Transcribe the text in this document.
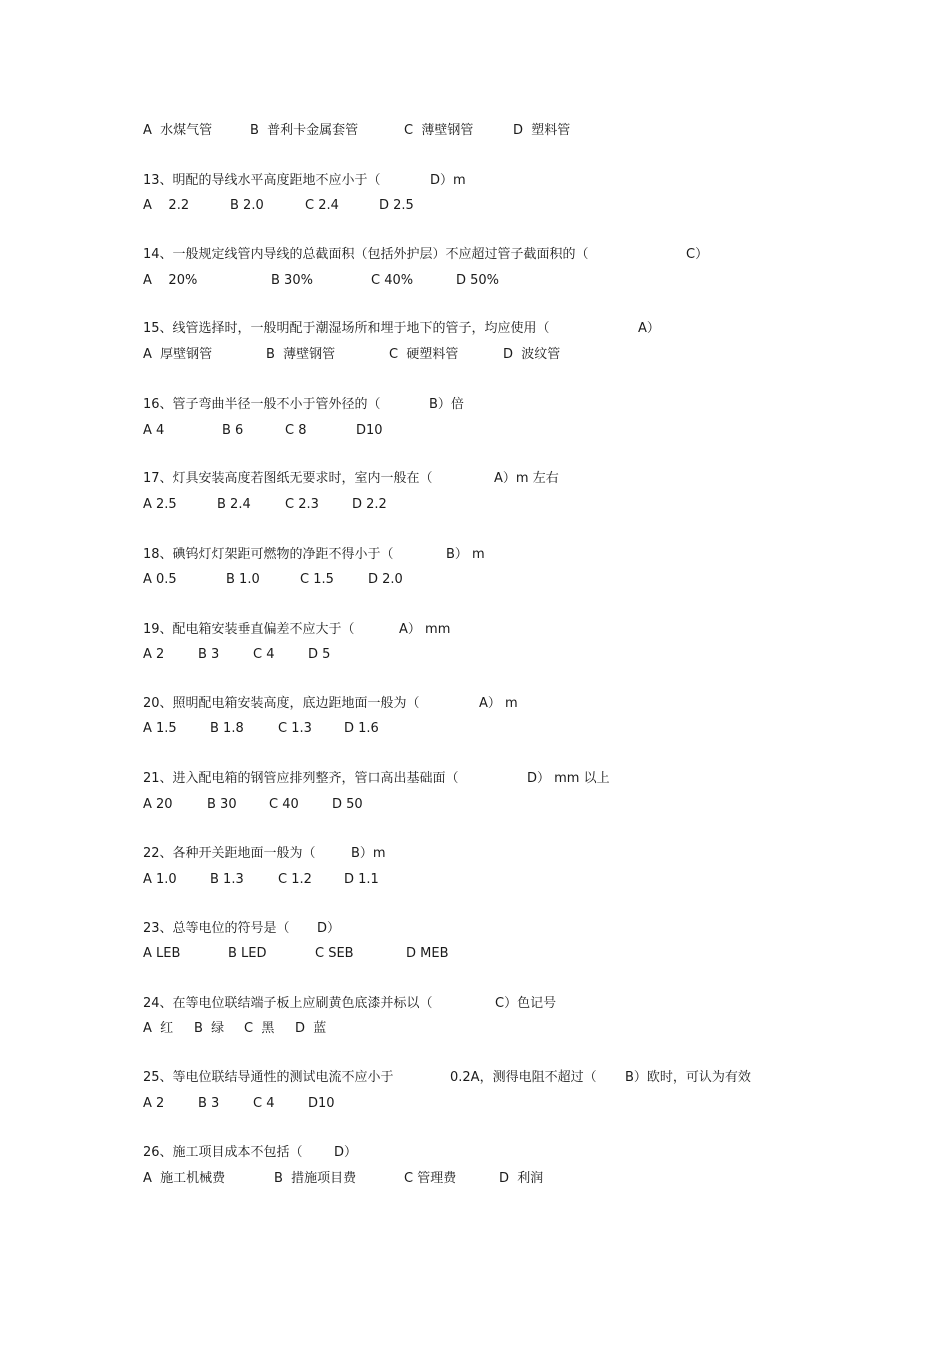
A  水煤气管	B  普利卡金属套管	C  薄壁钢管	D  塑料管
13、明配的导线水平高度距地不应小于（	D）m
A    2.2	B 2.0	C 2.4	D 2.5
14、一般规定线管内导线的总截面积（包括外护层）不应超过管子截面积的（	C）
A    20%	B 30%	C 40%	D 50%
15、线管选择时，一般明配于潮湿场所和埋于地下的管子，均应使用（	A）
A  厚壁钢管	B  薄壁钢管	C  硬塑料管	D  波纹管
16、管子弯曲半径一般不小于管外径的（	B）倍
A 4	B 6	C 8	D10
17、灯具安装高度若图纸无要求时，室内一般在（	A）m 左右
A 2.5	B 2.4	C 2.3	D 2.2
18、碘钨灯灯架距可燃物的净距不得小于（	B） m
A 0.5	B 1.0	C 1.5	D 2.0
19、配电箱安装垂直偏差不应大于（	A） mm
A 2	B 3	C 4	D 5
20、照明配电箱安装高度，底边距地面一般为（	A） m
A 1.5	B 1.8	C 1.3 D 1.6
21、进入配电箱的钢管应排列整齐，管口高出基础面（	D） mm 以上
A 20	B 30 C 40	D 50
22、各种开关距地面一般为（	B）m
A 1.0	B 1.3	C 1.2 D 1.1
23、总等电位的符号是（ D）
A LEB	B LED	C SEB	D MEB
24、在等电位联结端子板上应刷黄色底漆并标以（	C）色记号
A  红 B  绿 C  黑 D  蓝
25、等电位联结导通性的测试电流不应小于	0.2A，测得电阻不超过（ B）欧时，可认为有效
A 2	B 3	C 4	D10
26、施工项目成本不包括（ D）
A  施工机械费	B  措施项目费	C 管理费	D  利润
